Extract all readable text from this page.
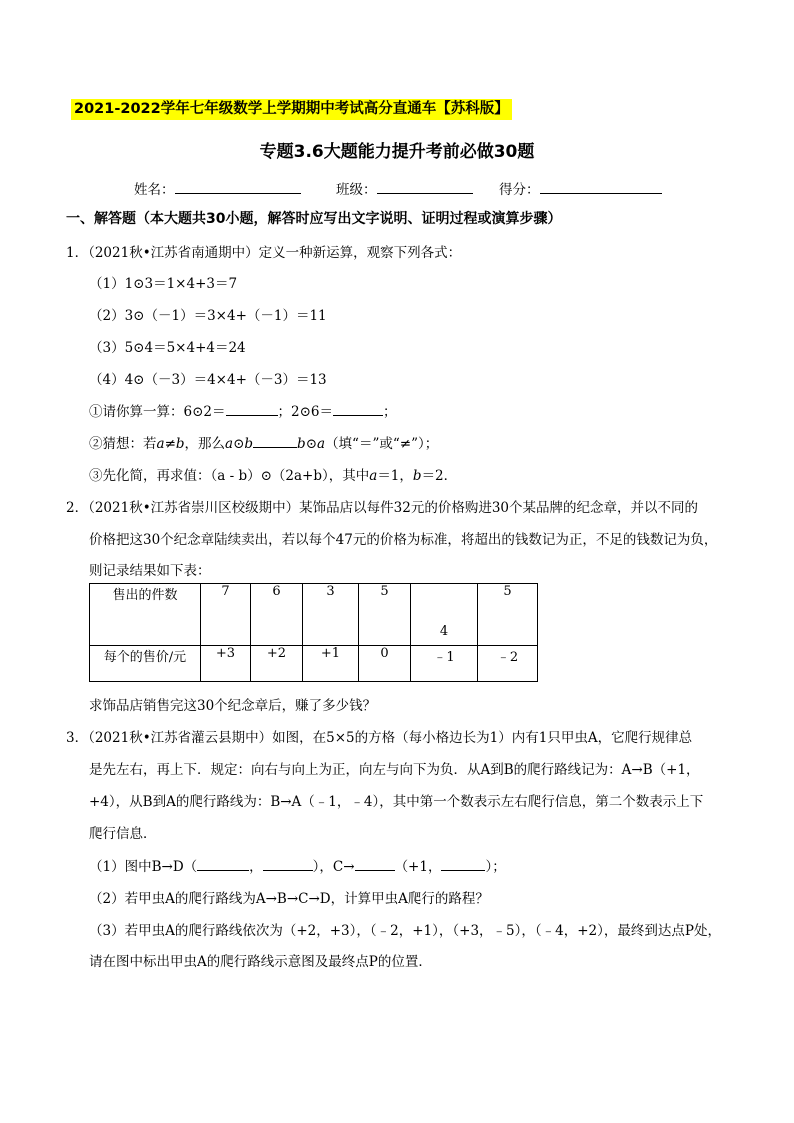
2021-2022学年七年级数学上学期期中考试高分直通车【苏科版】
专题3.6大题能力提升考前必做30题
姓名：	班级：	得分：
一、解答题（本大题共30小题，解答时应写出文字说明、证明过程或演算步骤）
1．（2021秋•江苏省南通期中）定义一种新运算，观察下列各式：
（1）1⊙3＝1×4+3＝7
（2）3⊙（－1）＝3×4+（－1）＝11
（3）5⊙4＝5×4+4＝24
（4）4⊙（－3）＝4×4+（－3）＝13
①请你算一算：6⊙2＝	；2⊙6＝	；
②猜想：若a≠b，那么a⊙b	b⊙a（填“＝”或“≠”）；
③先化简，再求值：（a - b）⊙（2a+b），其中a＝1，b＝2．
2．（2021秋•江苏省崇川区校级期中）某饰品店以每件32元的价格购进30个某品牌的纪念章，并以不同的
价格把这30个纪念章陆续卖出，若以每个47元的价格为标准，将超出的钱数记为正，不足的钱数记为负，
则记录结果如下表：
售出的件数	7	6	3	5	4	5
每个的售价/元	+3	+2	+1	0	﹣1	﹣2
求饰品店销售完这30个纪念章后，赚了多少钱？
3．（2021秋•江苏省灌云县期中）如图，在5×5的方格（每小格边长为1）内有1只甲虫A，它爬行规律总
是先左右，再上下．规定：向右与向上为正，向左与向下为负．从A到B的爬行路线记为：A→B（+1，
+4），从B到A的爬行路线为：B→A（﹣1，﹣4），其中第一个数表示左右爬行信息，第二个数表示上下
爬行信息．
（1）图中B→D（	，	），C→	（+1，	）；
（2）若甲虫A的爬行路线为A→B→C→D，计算甲虫A爬行的路程？
（3）若甲虫A的爬行路线依次为（+2，+3），（﹣2，+1），（+3，﹣5），（﹣4，+2），最终到达点P处，
请在图中标出甲虫A的爬行路线示意图及最终点P的位置．
